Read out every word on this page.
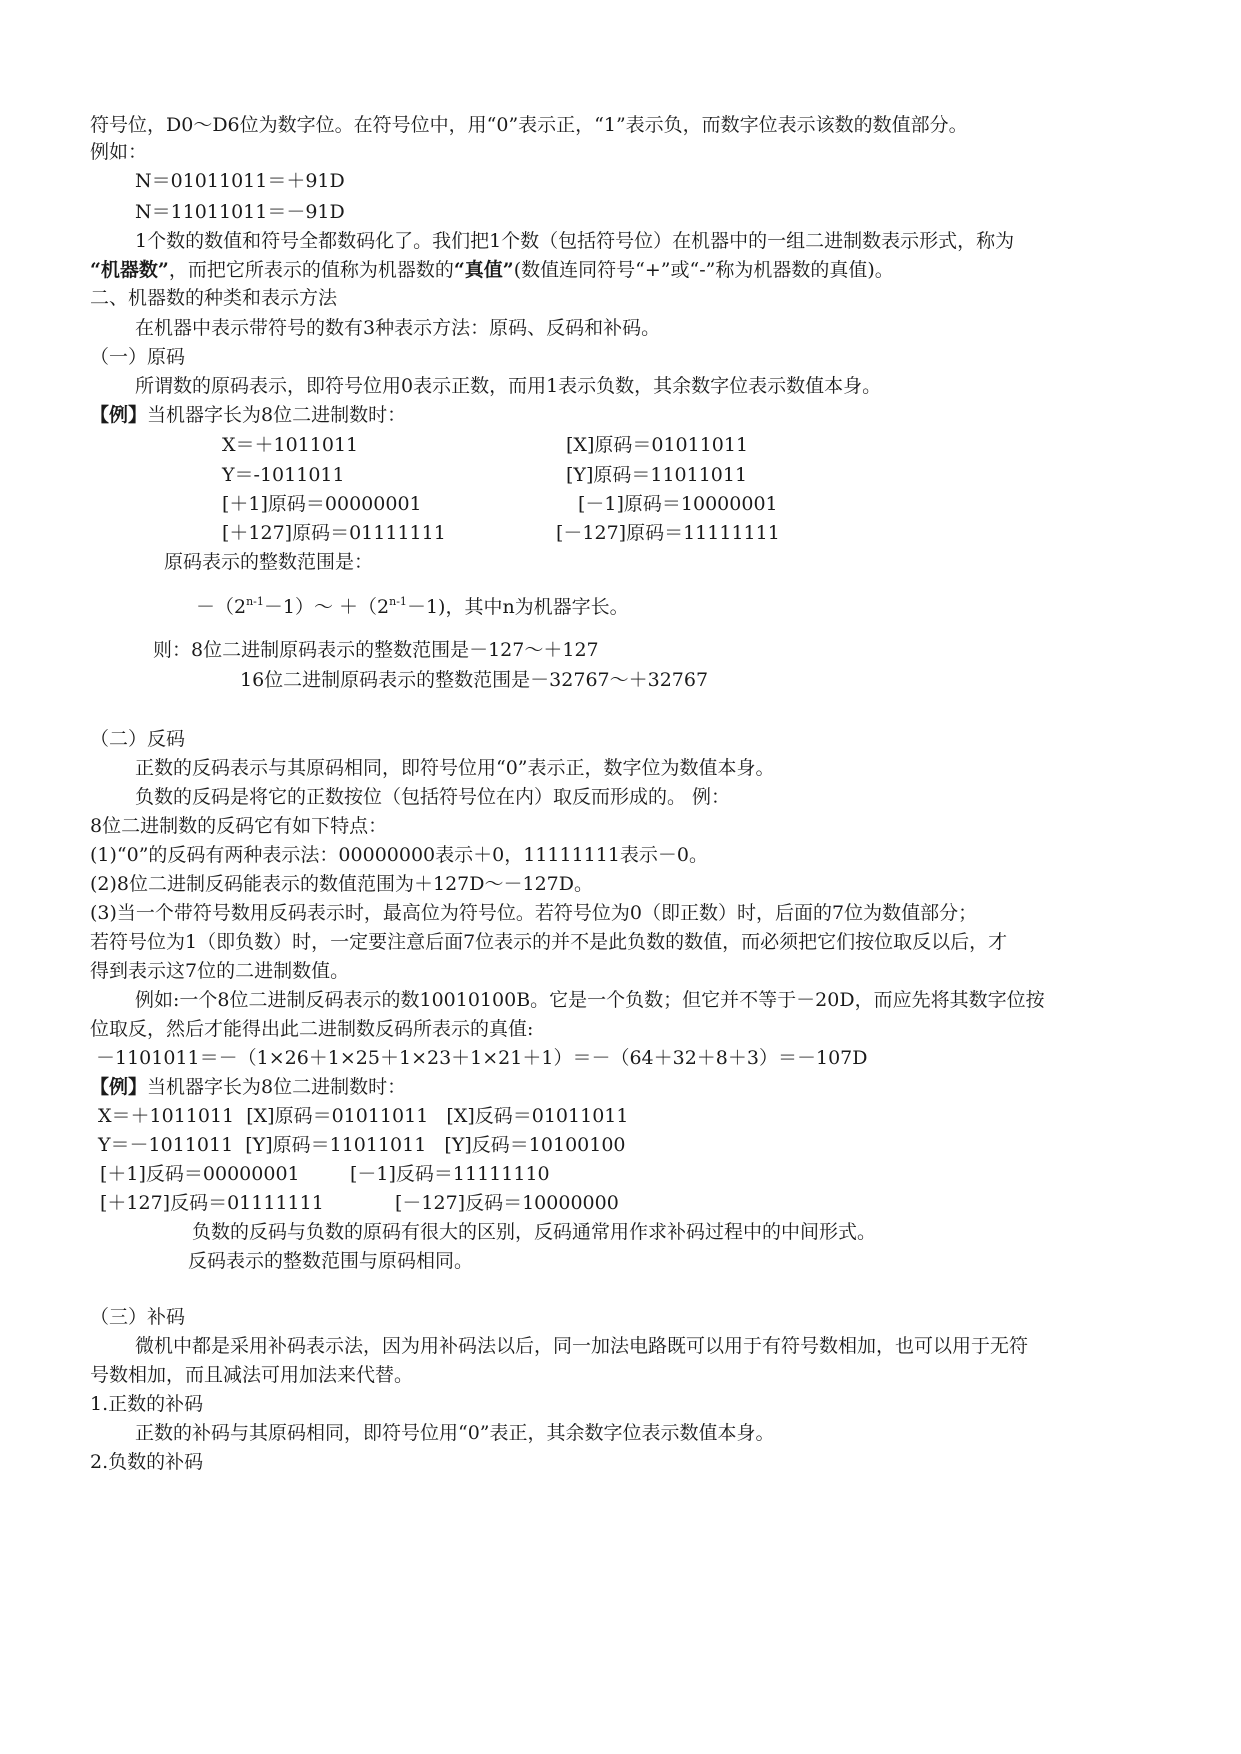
符号位，D0～D6位为数字位。在符号位中，用“0”表示正，“1”表示负，而数字位表示该数的数值部分。
例如：
N＝01011011＝＋91D
N＝11011011＝－91D
1个数的数值和符号全都数码化了。我们把1个数（包括符号位）在机器中的一组二进制数表示形式，称为
“机器数”，而把它所表示的值称为机器数的“真值”(数值连同符号“+”或“-”称为机器数的真值)。
二、机器数的种类和表示方法
在机器中表示带符号的数有3种表示方法：原码、反码和补码。
（一）原码
所谓数的原码表示，即符号位用0表示正数，而用1表示负数，其余数字位表示数值本身。
【例】当机器字长为8位二进制数时：
X＝＋1011011	[X]原码＝01011011
Y＝-1011011	[Y]原码＝11011011
[＋1]原码＝00000001	[－1]原码＝10000001
[＋127]原码＝01111111	[－127]原码＝11111111
原码表示的整数范围是：
$-(2^{n-1}-1)\sim +(2^{n-1}-1)$，其中n为机器字长。
则：8位二进制原码表示的整数范围是－127～＋127
16位二进制原码表示的整数范围是－32767～＋32767
（二）反码
正数的反码表示与其原码相同，即符号位用“0”表示正，数字位为数值本身。
负数的反码是将它的正数按位（包括符号位在内）取反而形成的。 例：
8位二进制数的反码它有如下特点：
(1)“0”的反码有两种表示法：00000000表示＋0，11111111表示－0。
(2)8位二进制反码能表示的数值范围为＋127D～－127D。
(3)当一个带符号数用反码表示时，最高位为符号位。若符号位为0（即正数）时，后面的7位为数值部分；
若符号位为1（即负数）时，一定要注意后面7位表示的并不是此负数的数值，而必须把它们按位取反以后，才
得到表示这7位的二进制数值。
例如:一个8位二进制反码表示的数10010100B。它是一个负数；但它并不等于－20D，而应先将其数字位按
位取反，然后才能得出此二进制数反码所表示的真值:
－1101011＝－（1×26＋1×25＋1×23＋1×21＋1）＝－（64＋32＋8＋3）＝－107D
【例】当机器字长为8位二进制数时：
X＝＋1011011  [X]原码＝01011011   [X]反码＝01011011
Y＝－1011011  [Y]原码＝11011011   [Y]反码＝10100100
[＋1]反码＝00000001	[－1]反码＝11111110
[＋127]反码＝01111111	[－127]反码＝10000000
负数的反码与负数的原码有很大的区别，反码通常用作求补码过程中的中间形式。
反码表示的整数范围与原码相同。
（三）补码
微机中都是采用补码表示法，因为用补码法以后，同一加法电路既可以用于有符号数相加，也可以用于无符
号数相加，而且减法可用加法来代替。
1.正数的补码
正数的补码与其原码相同，即符号位用“0”表正，其余数字位表示数值本身。
2.负数的补码
